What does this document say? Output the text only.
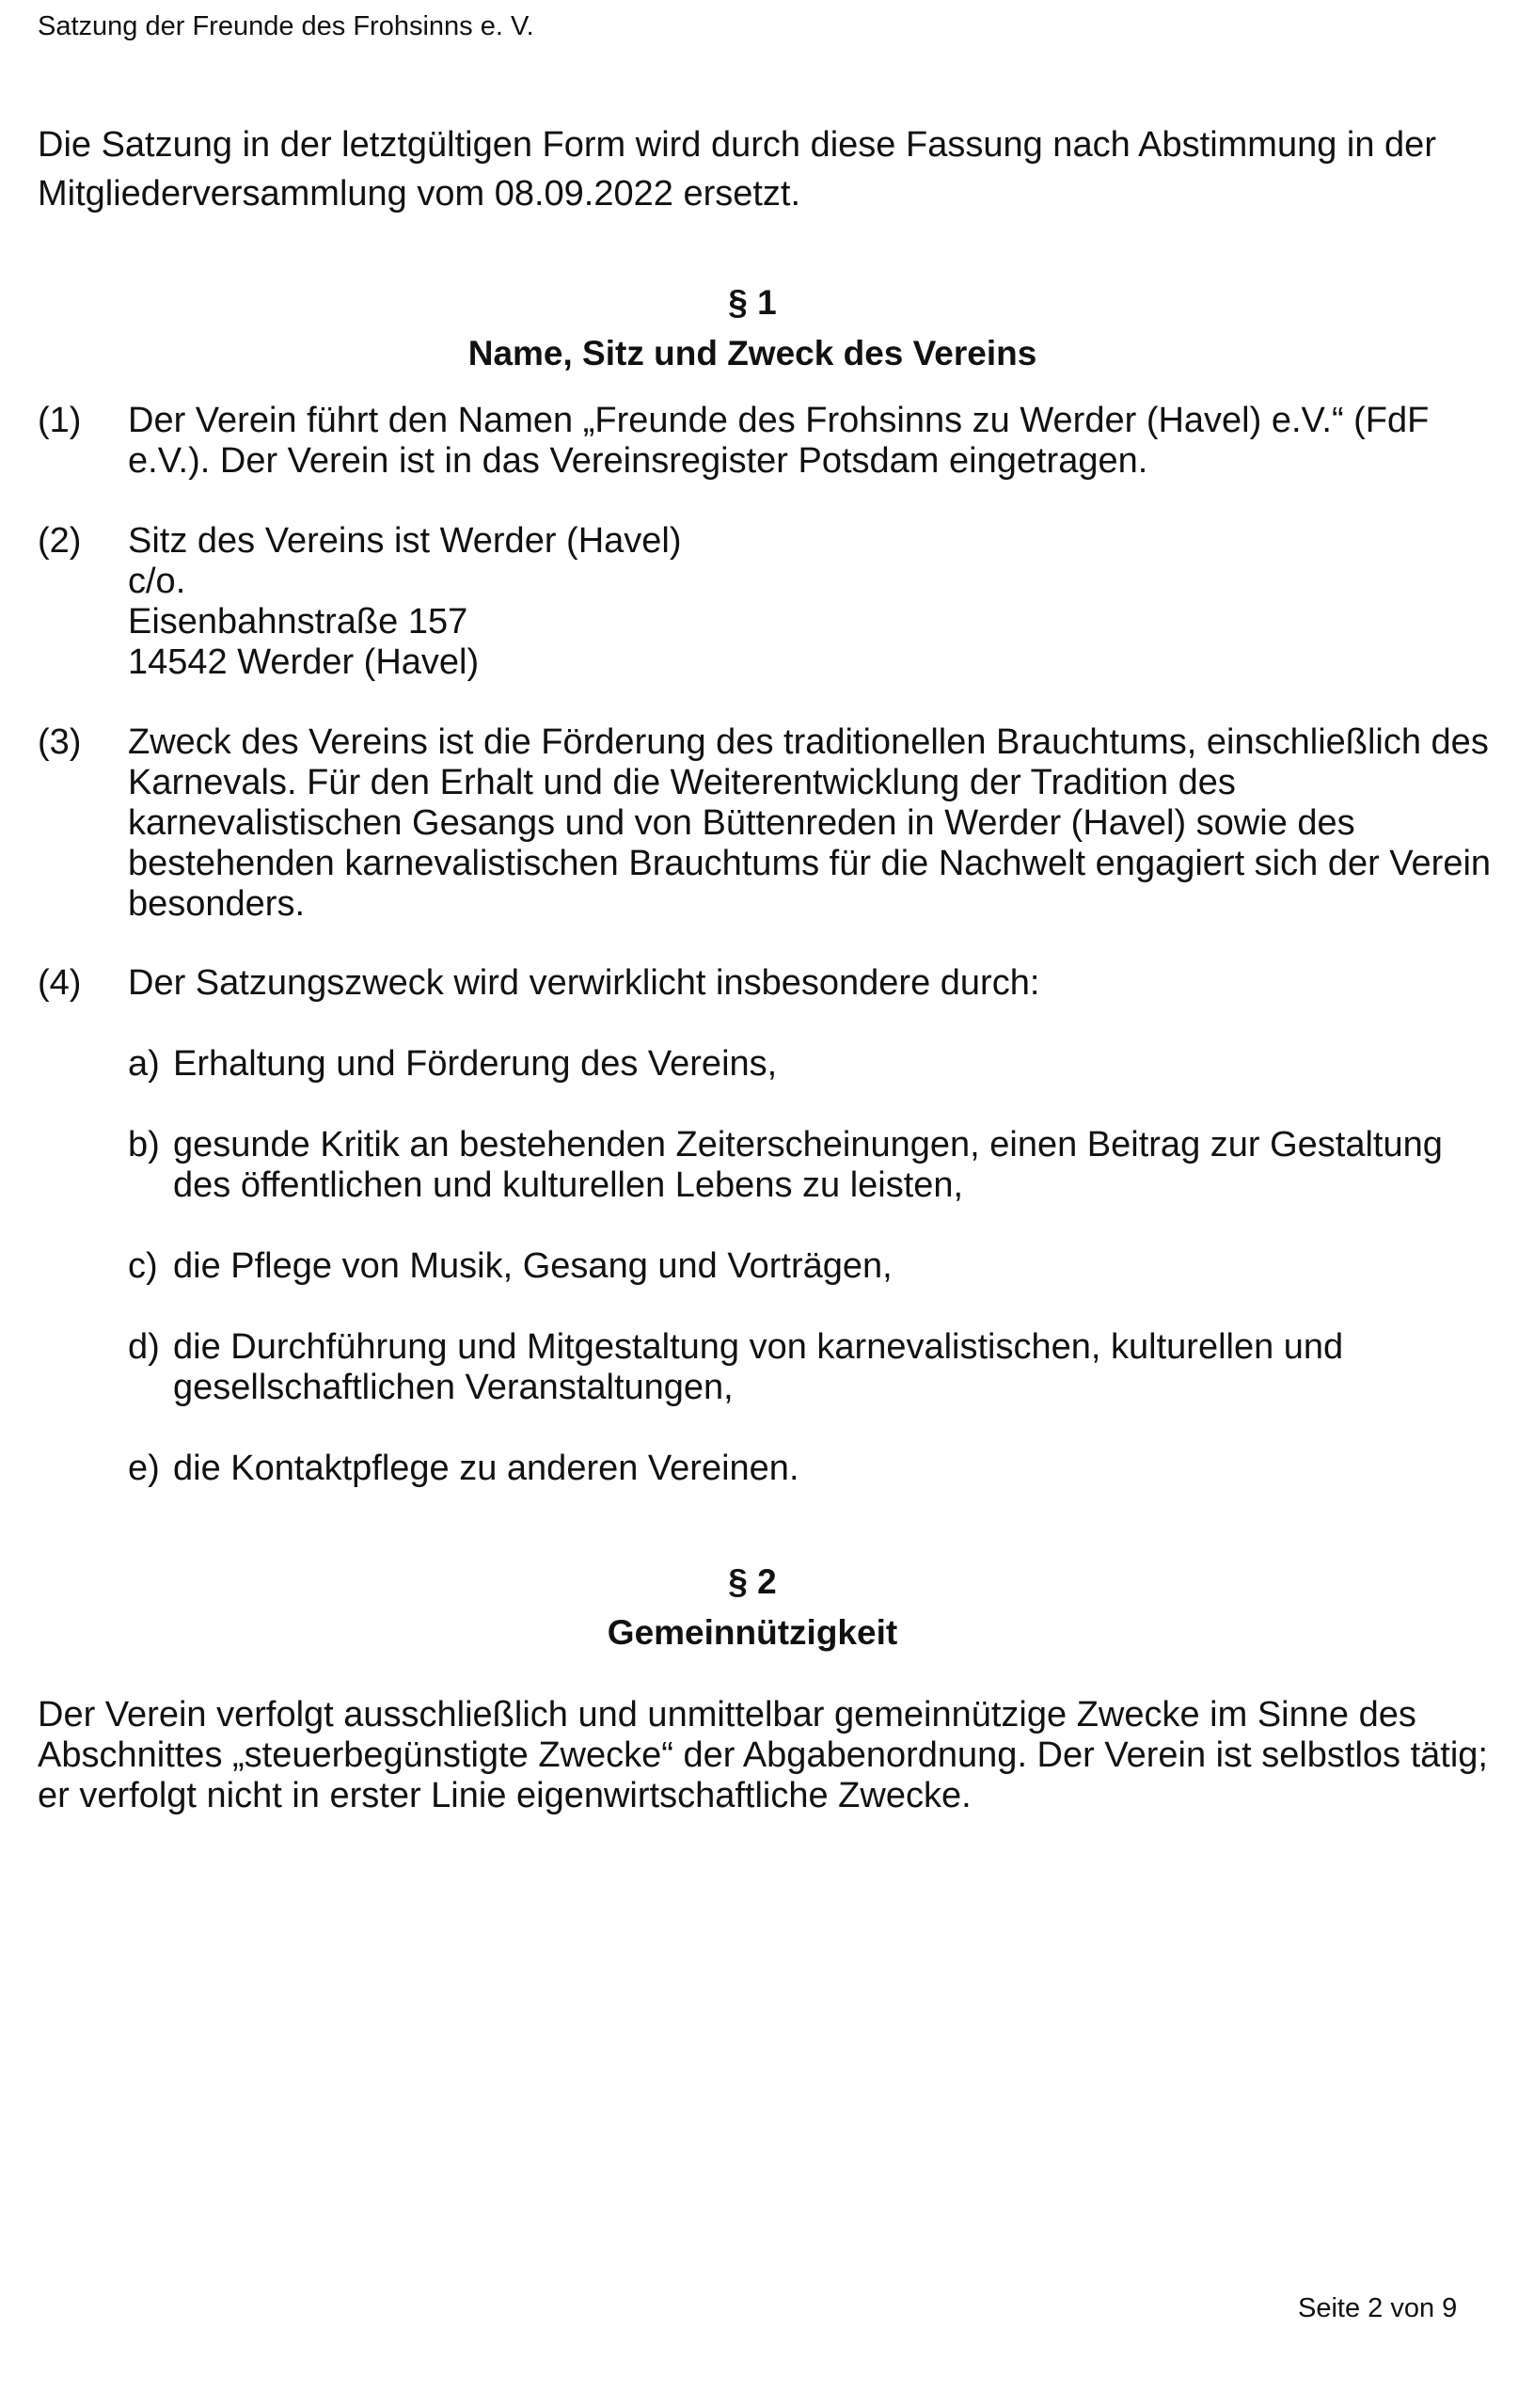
Satzung der Freunde des Frohsinns e. V.
Die Satzung in der letztgültigen Form wird durch diese Fassung nach Abstimmung in der
Mitgliederversammlung vom 08.09.2022 ersetzt.
§ 1
Name, Sitz und Zweck des Vereins
(1)	Der Verein führt den Namen „Freunde des Frohsinns zu Werder (Havel) e.V.“ (FdF
e.V.). Der Verein ist in das Vereinsregister Potsdam eingetragen.
(2)	Sitz des Vereins ist Werder (Havel)
c/o.
Eisenbahnstraße 157
14542 Werder (Havel)
(3)	Zweck des Vereins ist die Förderung des traditionellen Brauchtums, einschließlich des
Karnevals. Für den Erhalt und die Weiterentwicklung der Tradition des
karnevalistischen Gesangs und von Büttenreden in Werder (Havel) sowie des
bestehenden karnevalistischen Brauchtums für die Nachwelt engagiert sich der Verein
besonders.
(4)	Der Satzungszweck wird verwirklicht insbesondere durch:
a) Erhaltung und Förderung des Vereins,
b) gesunde Kritik an bestehenden Zeiterscheinungen, einen Beitrag zur Gestaltung
des öffentlichen und kulturellen Lebens zu leisten,
c) die Pflege von Musik, Gesang und Vorträgen,
d) die Durchführung und Mitgestaltung von karnevalistischen, kulturellen und
gesellschaftlichen Veranstaltungen,
e) die Kontaktpflege zu anderen Vereinen.
§ 2
Gemeinnützigkeit
Der Verein verfolgt ausschließlich und unmittelbar gemeinnützige Zwecke im Sinne des
Abschnittes „steuerbegünstigte Zwecke“ der Abgabenordnung. Der Verein ist selbstlos tätig;
er verfolgt nicht in erster Linie eigenwirtschaftliche Zwecke.
Seite 2 von 9
